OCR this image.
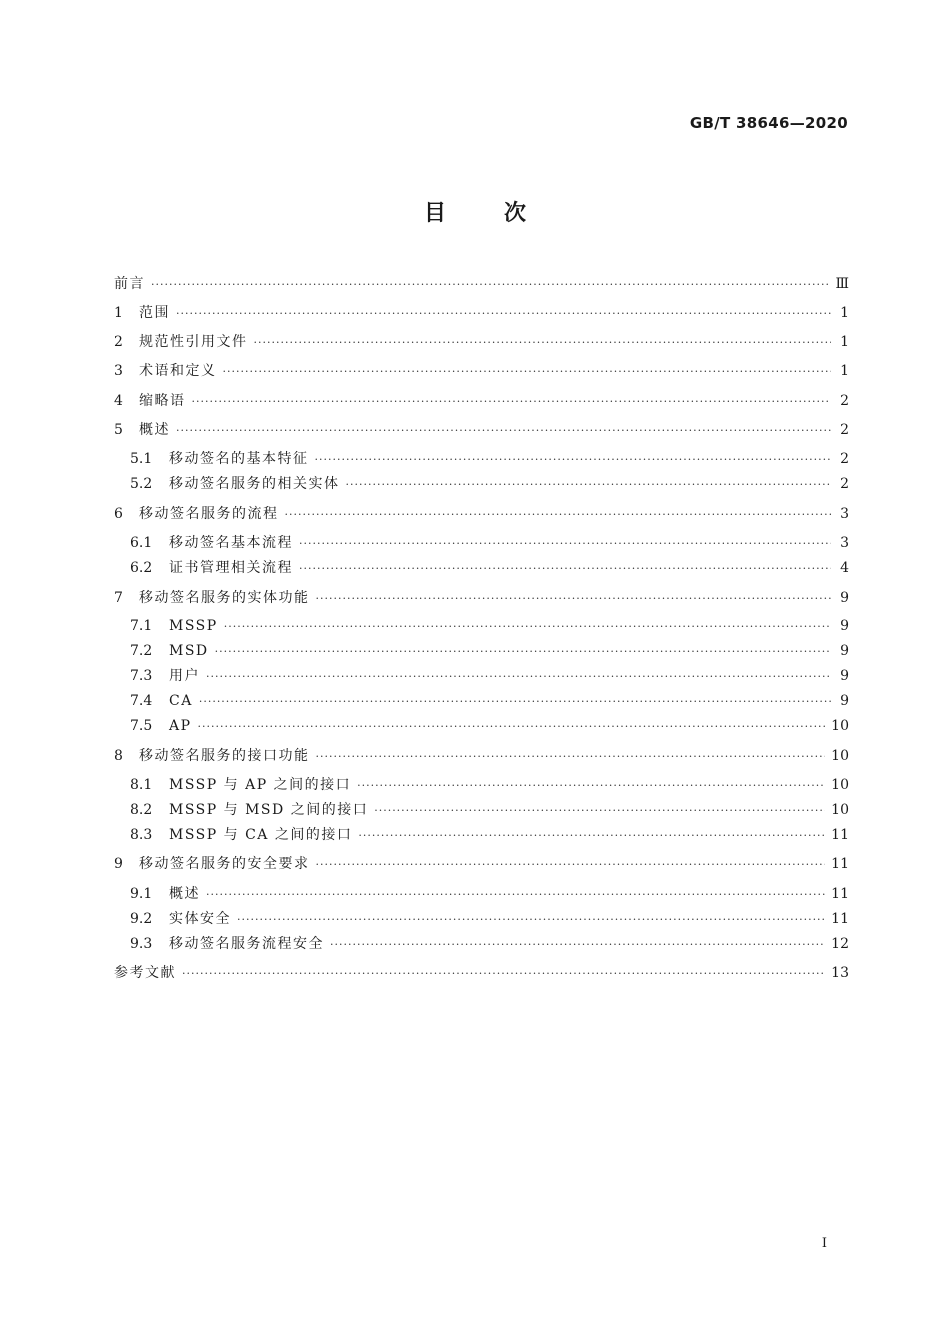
GB/T 38646—2020
目	次
前言 ·····	Ⅲ
1	范围 ·····	1
2	规范性引用文件 ·····	1
3	术语和定义 ·····	1
4	缩略语 ·····	2
5	概述 ·····	2
5.1	移动签名的基本特征 ·····	2
5.2	移动签名服务的相关实体 ·····	2
6	移动签名服务的流程 ·····	3
6.1	移动签名基本流程 ·····	3
6.2	证书管理相关流程 ·····	4
7	移动签名服务的实体功能 ·····	9
7.1	MSSP ·····	9
7.2	MSD ·····	9
7.3	用户 ·····	9
7.4	CA ·····	9
7.5	AP ·····	10
8	移动签名服务的接口功能 ·····	10
8.1	MSSP 与 AP 之间的接口 ·····	10
8.2	MSSP 与 MSD 之间的接口 ·····	10
8.3	MSSP 与 CA 之间的接口 ·····	11
9	移动签名服务的安全要求 ·····	11
9.1	概述 ·····	11
9.2	实体安全 ·····	11
9.3	移动签名服务流程安全 ·····	12
参考文献 ·····	13
Ⅰ
